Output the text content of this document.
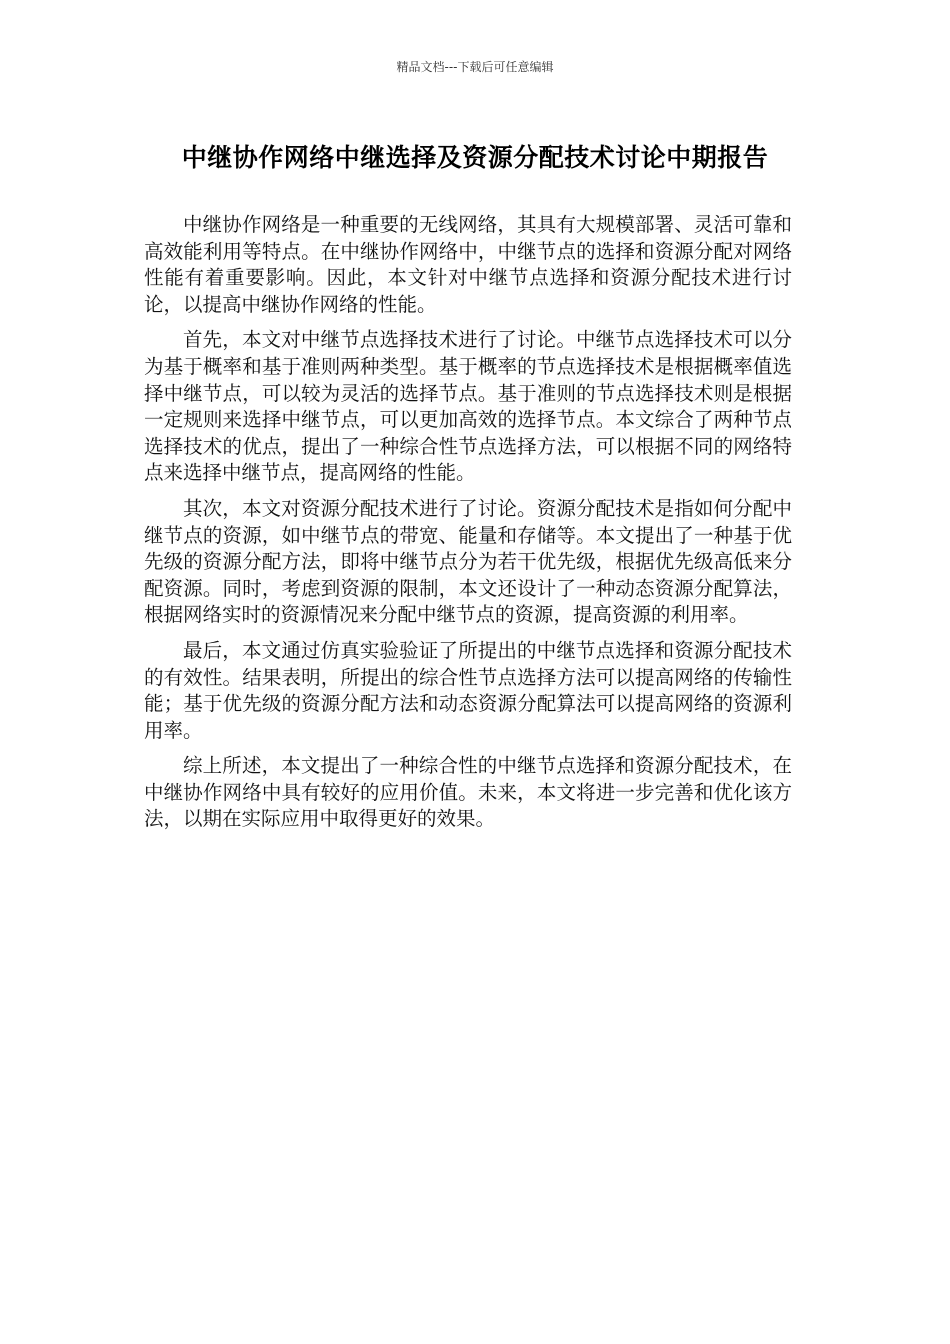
精品文档---下载后可任意编辑
中继协作网络中继选择及资源分配技术讨论中期报告

中继协作网络是一种重要的无线网络，其具有大规模部署、灵活可靠和高效能利用等特点。在中继协作网络中，中继节点的选择和资源分配对网络性能有着重要影响。因此，本文针对中继节点选择和资源分配技术进行讨论，以提高中继协作网络的性能。

首先，本文对中继节点选择技术进行了讨论。中继节点选择技术可以分为基于概率和基于准则两种类型。基于概率的节点选择技术是根据概率值选择中继节点，可以较为灵活的选择节点。基于准则的节点选择技术则是根据一定规则来选择中继节点，可以更加高效的选择节点。本文综合了两种节点选择技术的优点，提出了一种综合性节点选择方法，可以根据不同的网络特点来选择中继节点，提高网络的性能。

其次，本文对资源分配技术进行了讨论。资源分配技术是指如何分配中继节点的资源，如中继节点的带宽、能量和存储等。本文提出了一种基于优先级的资源分配方法，即将中继节点分为若干优先级，根据优先级高低来分配资源。同时，考虑到资源的限制，本文还设计了一种动态资源分配算法，根据网络实时的资源情况来分配中继节点的资源，提高资源的利用率。

最后，本文通过仿真实验验证了所提出的中继节点选择和资源分配技术的有效性。结果表明，所提出的综合性节点选择方法可以提高网络的传输性能；基于优先级的资源分配方法和动态资源分配算法可以提高网络的资源利用率。

综上所述，本文提出了一种综合性的中继节点选择和资源分配技术，在中继协作网络中具有较好的应用价值。未来，本文将进一步完善和优化该方法，以期在实际应用中取得更好的效果。
